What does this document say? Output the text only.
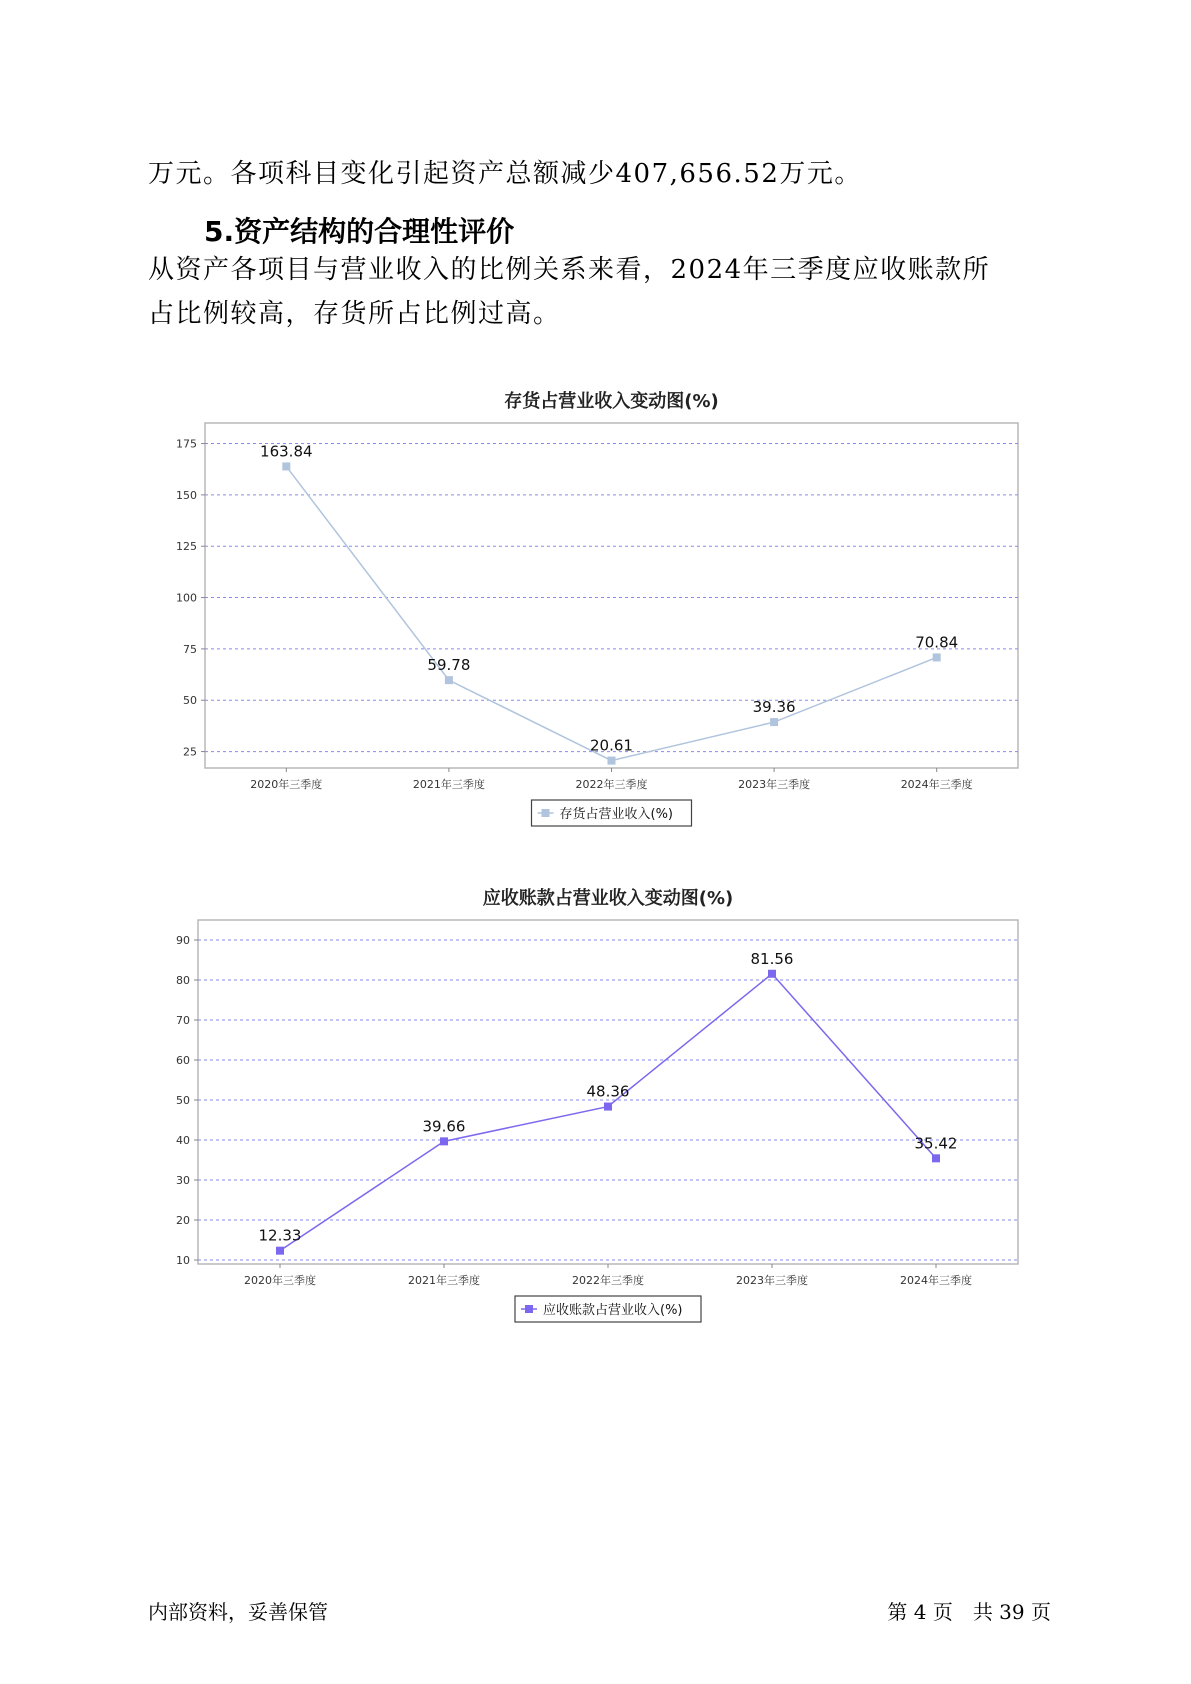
万元。各项科目变化引起资产总额减少407,656.52万元。

5.资产结构的合理性评价

从资产各项目与营业收入的比例关系来看，2024年三季度应收账款所

占比例较高，存货所占比例过高。

存货占营业收入变动图(%)
25
50
75
100
125
150
175
2020年三季度	2021年三季度	2022年三季度	2023年三季度	2024年三季度
163.84
59.78
20.61
39.36
70.84
存货占营业收入(%)
应收账款占营业收入变动图(%)
10
20
30
40
50
60
70
80
90
2020年三季度	2021年三季度	2022年三季度	2023年三季度	2024年三季度
12.33
39.66
48.36
81.56
35.42
应收账款占营业收入(%)
内部资料，妥善保管	第 4 页　共 39 页
